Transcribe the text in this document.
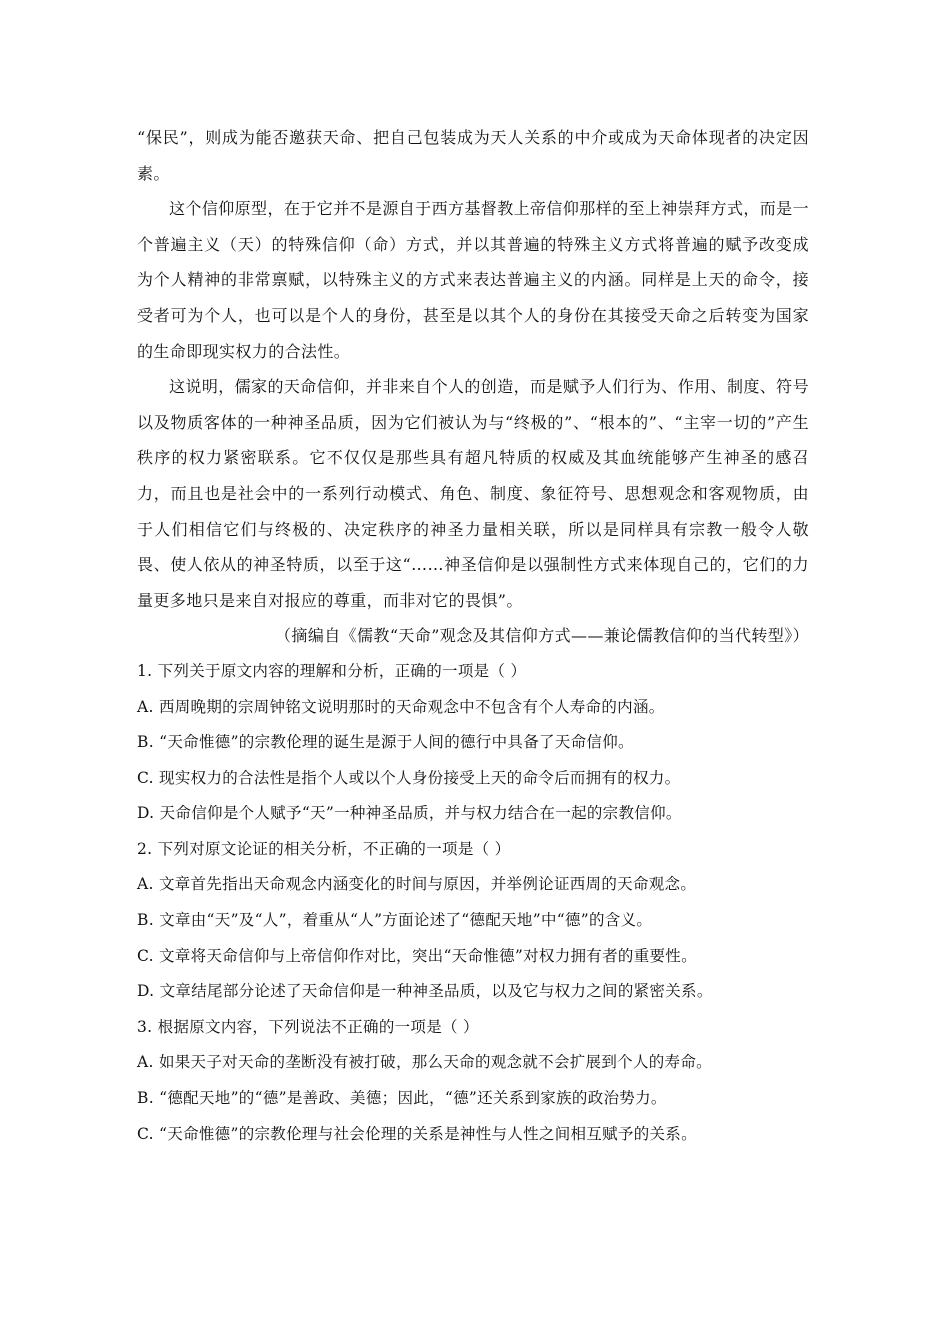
“保民”，则成为能否邀获天命、把自己包装成为天人关系的中介或成为天命体现者的决定因素。

这个信仰原型，在于它并不是源自于西方基督教上帝信仰那样的至上神崇拜方式，而是一个普遍主义（天）的特殊信仰（命）方式，并以其普遍的特殊主义方式将普遍的赋予改变成为个人精神的非常禀赋，以特殊主义的方式来表达普遍主义的内涵。同样是上天的命令，接受者可为个人，也可以是个人的身份，甚至是以其个人的身份在其接受天命之后转变为国家的生命即现实权力的合法性。

这说明，儒家的天命信仰，并非来自个人的创造，而是赋予人们行为、作用、制度、符号以及物质客体的一种神圣品质，因为它们被认为与“终极的”、“根本的”、“主宰一切的”产生秩序的权力紧密联系。它不仅仅是那些具有超凡特质的权威及其血统能够产生神圣的感召力，而且也是社会中的一系列行动模式、角色、制度、象征符号、思想观念和客观物质，由于人们相信它们与终极的、决定秩序的神圣力量相关联，所以是同样具有宗教一般令人敬畏、使人依从的神圣特质，以至于这“……神圣信仰是以强制性方式来体现自己的，它们的力量更多地只是来自对报应的尊重，而非对它的畏惧”。

（摘编自《儒教“天命”观念及其信仰方式——兼论儒教信仰的当代转型》）

1. 下列关于原文内容的理解和分析，正确的一项是（ ）

A. 西周晚期的宗周钟铭文说明那时的天命观念中不包含有个人寿命的内涵。

B. “天命惟德”的宗教伦理的诞生是源于人间的德行中具备了天命信仰。

C. 现实权力的合法性是指个人或以个人身份接受上天的命令后而拥有的权力。

D. 天命信仰是个人赋予“天”一种神圣品质，并与权力结合在一起的宗教信仰。

2. 下列对原文论证的相关分析，不正确的一项是（ ）

A. 文章首先指出天命观念内涵变化的时间与原因，并举例论证西周的天命观念。

B. 文章由“天”及“人”，着重从“人”方面论述了“德配天地”中“德”的含义。

C. 文章将天命信仰与上帝信仰作对比，突出“天命惟德”对权力拥有者的重要性。

D. 文章结尾部分论述了天命信仰是一种神圣品质，以及它与权力之间的紧密关系。

3. 根据原文内容，下列说法不正确的一项是（ ）

A. 如果天子对天命的垄断没有被打破，那么天命的观念就不会扩展到个人的寿命。

B. “德配天地”的“德”是善政、美德；因此，“德”还关系到家族的政治势力。

C. “天命惟德”的宗教伦理与社会伦理的关系是神性与人性之间相互赋予的关系。
